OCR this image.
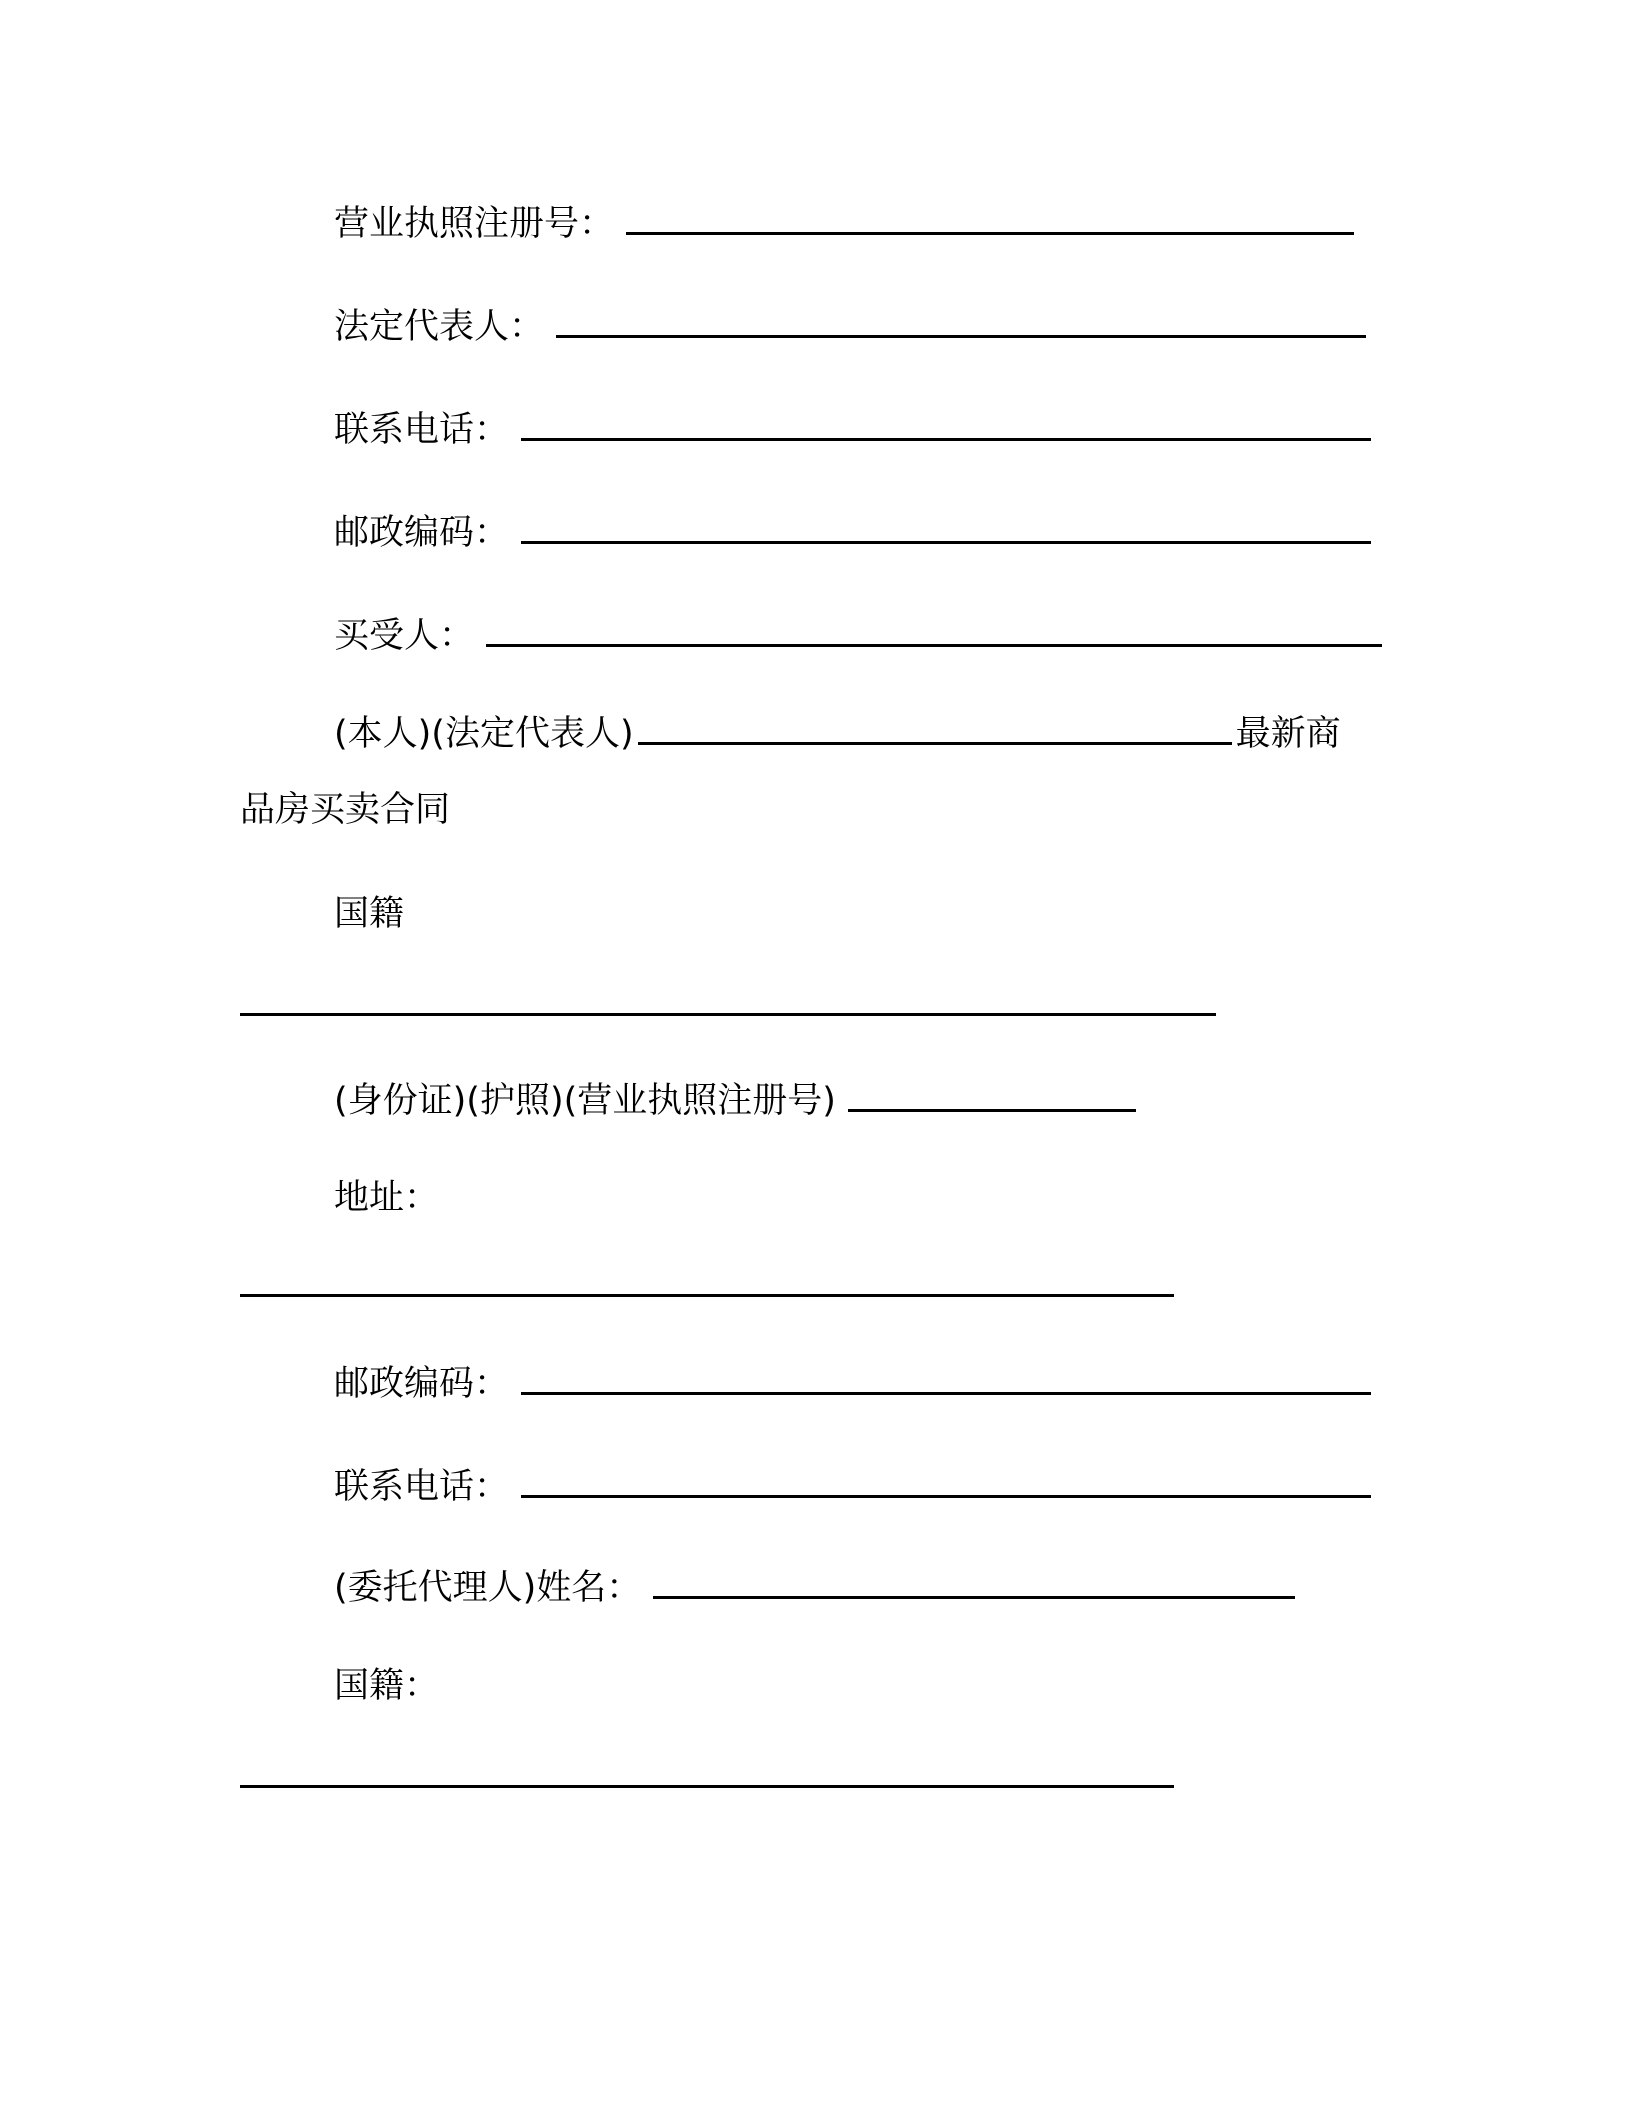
营业执照注册号：
法定代表人：
联系电话：
邮政编码：
买受人：
(本人)(法定代表人)	最新商
品房买卖合同
国籍
(身份证)(护照)(营业执照注册号)
地址：
邮政编码：
联系电话：
(委托代理人)姓名：
国籍：
